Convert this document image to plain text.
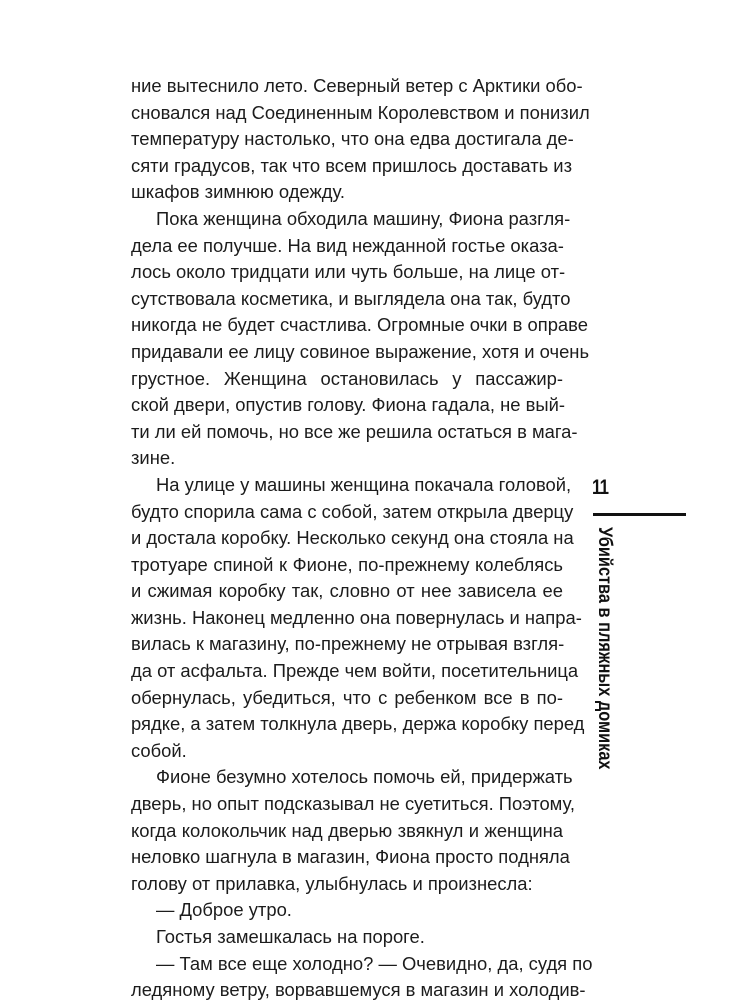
ние вытеснило лето. Северный ветер с Арктики обо-
сновался над Соединенным Королевством и понизил
температуру настолько, что она едва достигала де-
сяти градусов, так что всем пришлось доставать из
шкафов зимнюю одежду.
Пока женщина обходила машину, Фиона разгля-
дела ее получше. На вид нежданной гостье оказа-
лось около тридцати или чуть больше, на лице от-
сутствовала косметика, и выглядела она так, будто
никогда не будет счастлива. Огромные очки в оправе
придавали ее лицу совиное выражение, хотя и очень
грустное. Женщина остановилась у пассажир-
ской двери, опустив голову. Фиона гадала, не вый-
ти ли ей помочь, но все же решила остаться в мага-
зине.
На улице у машины женщина покачала головой,
будто спорила сама с собой, затем открыла дверцу
и достала коробку. Несколько секунд она стояла на
тротуаре спиной к Фионе, по-прежнему колеблясь
и сжимая коробку так, словно от нее зависела ее
жизнь. Наконец медленно она повернулась и напра-
вилась к магазину, по-прежнему не отрывая взгля-
да от асфальта. Прежде чем войти, посетительница
обернулась, убедиться, что с ребенком все в по-
рядке, а затем толкнула дверь, держа коробку перед
собой.
Фионе безумно хотелось помочь ей, придержать
дверь, но опыт подсказывал не суетиться. Поэтому,
когда колокольчик над дверью звякнул и женщина
неловко шагнула в магазин, Фиона просто подняла
голову от прилавка, улыбнулась и произнесла:
— Доброе утро.
Гостья замешкалась на пороге.
— Там все еще холодно? — Очевидно, да, судя по
ледяному ветру, ворвавшемуся в магазин и холодив-
11
Убийства в пляжных домиках
